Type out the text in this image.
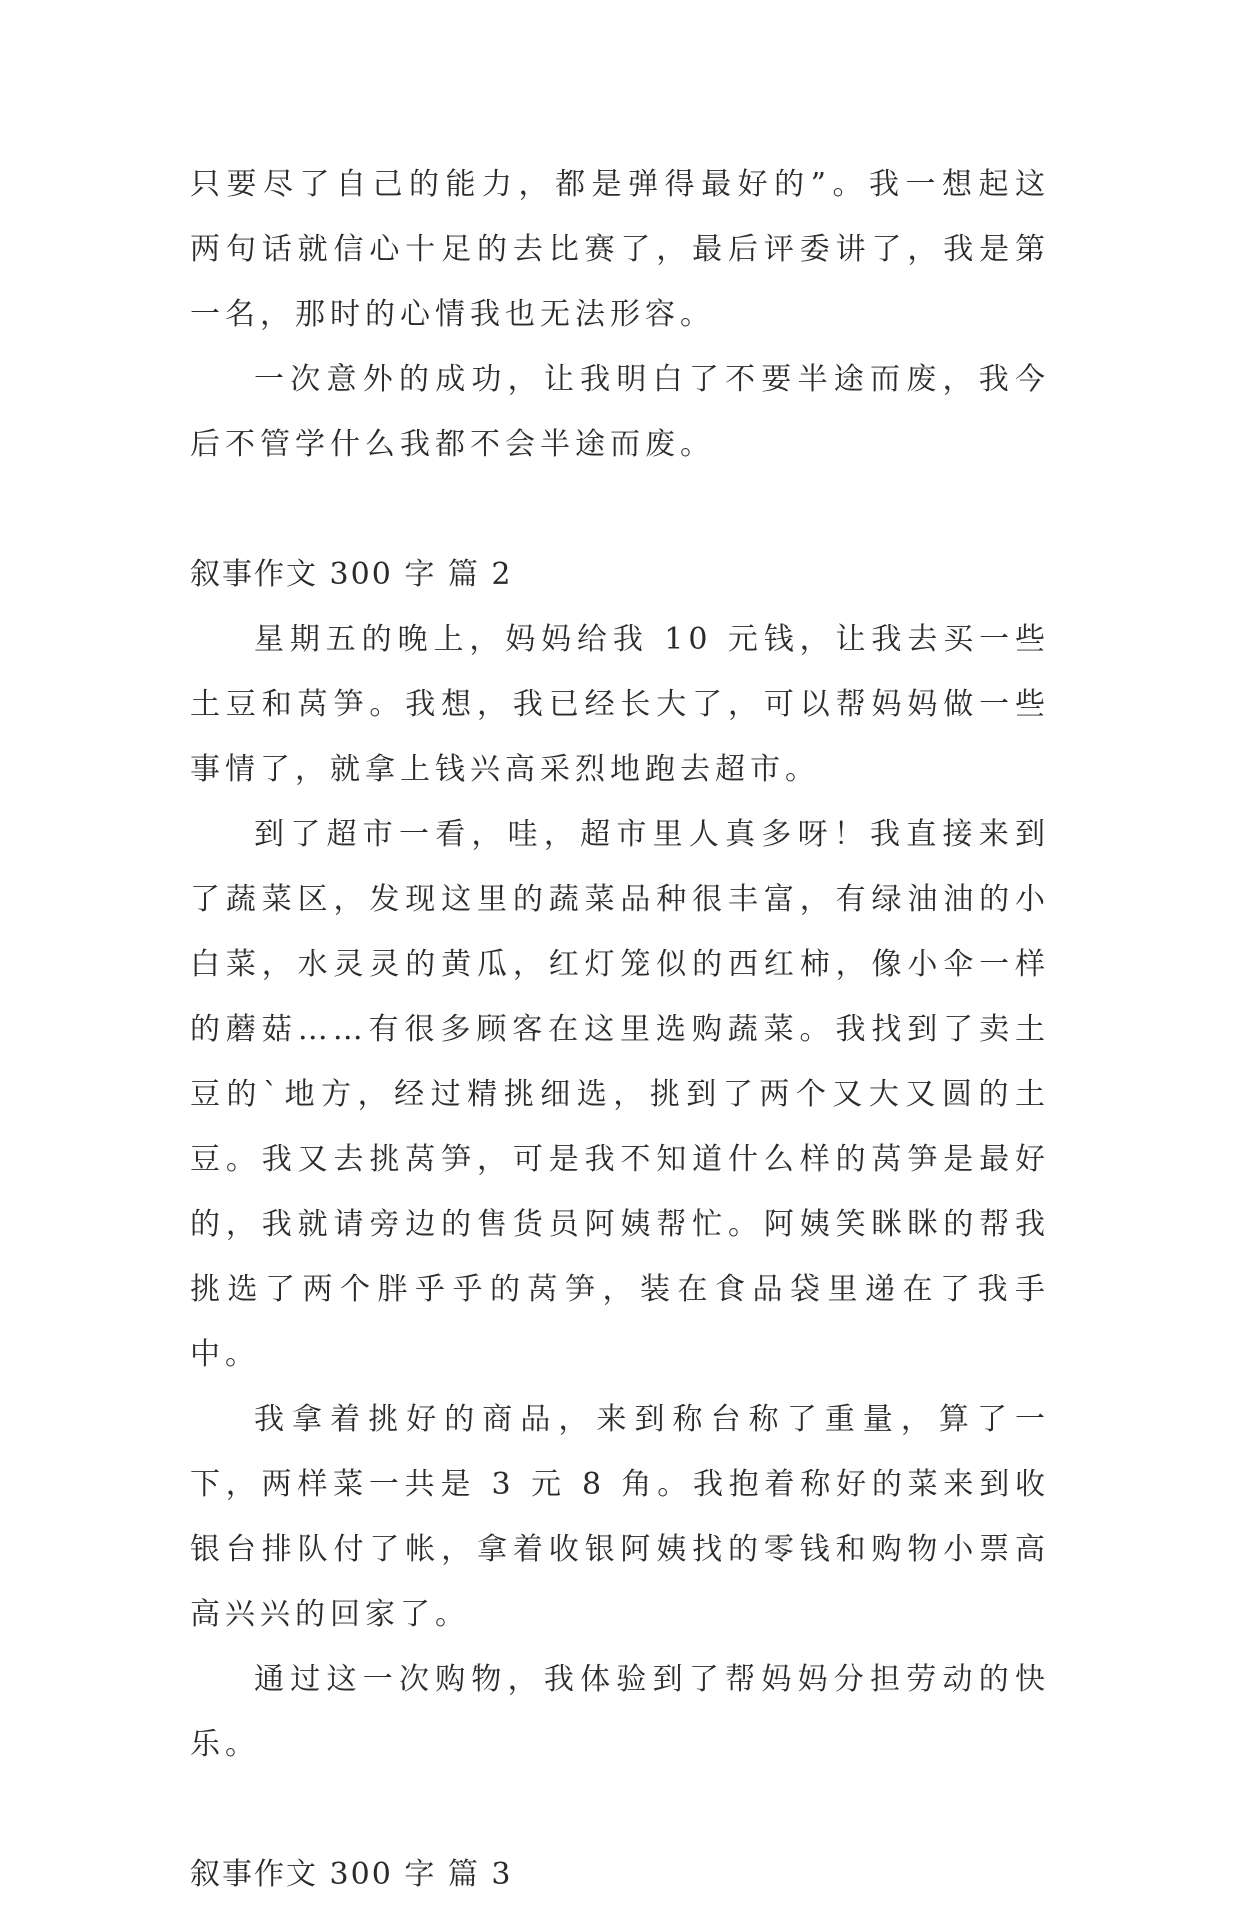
只要尽了自己的能力，都是弹得最好的”。我一想起这两句话就信心十足的去比赛了，最后评委讲了，我是第一名，那时的心情我也无法形容。

一次意外的成功，让我明白了不要半途而废，我今后不管学什么我都不会半途而废。

叙事作文 300 字 篇 2

星期五的晚上，妈妈给我 10 元钱，让我去买一些土豆和莴笋。我想，我已经长大了，可以帮妈妈做一些事情了，就拿上钱兴高采烈地跑去超市。

到了超市一看，哇，超市里人真多呀！我直接来到了蔬菜区，发现这里的蔬菜品种很丰富，有绿油油的小白菜，水灵灵的黄瓜，红灯笼似的西红柿，像小伞一样的蘑菇……有很多顾客在这里选购蔬菜。我找到了卖土豆的`地方，经过精挑细选，挑到了两个又大又圆的土豆。我又去挑莴笋，可是我不知道什么样的莴笋是最好的，我就请旁边的售货员阿姨帮忙。阿姨笑眯眯的帮我挑选了两个胖乎乎的莴笋，装在食品袋里递在了我手中。

我拿着挑好的商品，来到称台称了重量，算了一下，两样菜一共是 3 元 8 角。我抱着称好的菜来到收银台排队付了帐，拿着收银阿姨找的零钱和购物小票高高兴兴的回家了。

通过这一次购物，我体验到了帮妈妈分担劳动的快乐。

叙事作文 300 字 篇 3
